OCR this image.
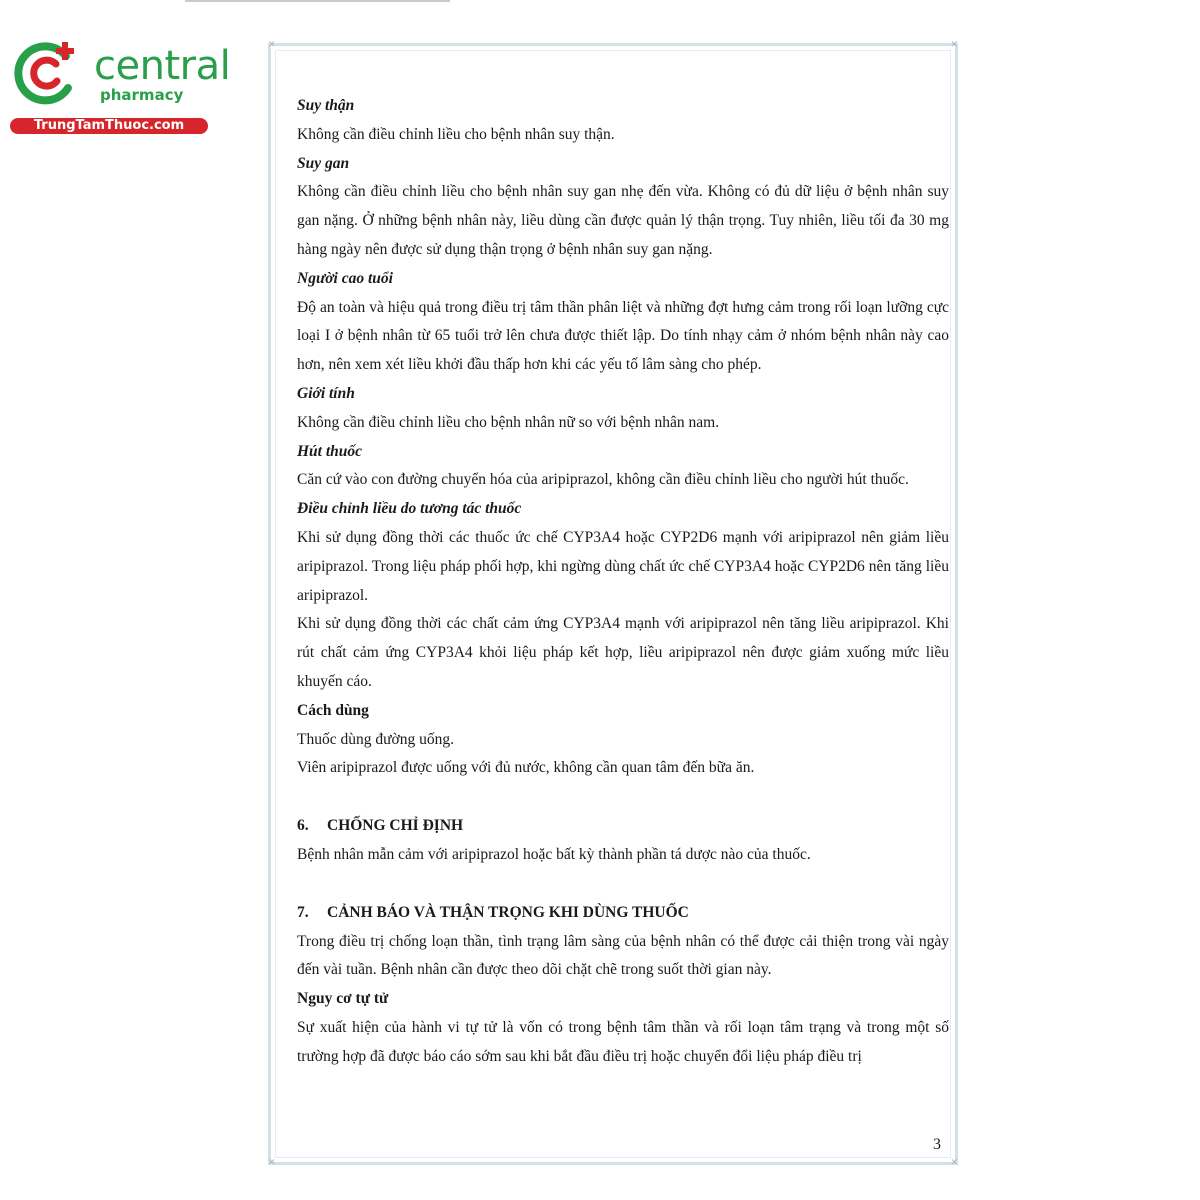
central
pharmacy
TrungTamThuoc.com
✕	✕
✕	✕

Suy thận

Không cần điều chỉnh liều cho bệnh nhân suy thận.

Suy gan

Không cần điều chỉnh liều cho bệnh nhân suy gan nhẹ đến vừa. Không có đủ dữ liệu ở bệnh nhân suy gan nặng. Ở những bệnh nhân này, liều dùng cần được quản lý thận trọng. Tuy nhiên, liều tối đa 30 mg hàng ngày nên được sử dụng thận trọng ở bệnh nhân suy gan nặng.

Người cao tuổi

Độ an toàn và hiệu quả trong điều trị tâm thần phân liệt và những đợt hưng cảm trong rối loạn lưỡng cực loại I ở bệnh nhân từ 65 tuổi trở lên chưa được thiết lập. Do tính nhạy cảm ở nhóm bệnh nhân này cao hơn, nên xem xét liều khởi đầu thấp hơn khi các yếu tố lâm sàng cho phép.

Giới tính

Không cần điều chỉnh liều cho bệnh nhân nữ so với bệnh nhân nam.

Hút thuốc

Căn cứ vào con đường chuyển hóa của aripiprazol, không cần điều chỉnh liều cho người hút thuốc.

Điều chỉnh liều do tương tác thuốc

Khi sử dụng đồng thời các thuốc ức chế CYP3A4 hoặc CYP2D6 mạnh với aripiprazol nên giảm liều aripiprazol. Trong liệu pháp phối hợp, khi ngừng dùng chất ức chế CYP3A4 hoặc CYP2D6 nên tăng liều aripiprazol.

Khi sử dụng đồng thời các chất cảm ứng CYP3A4 mạnh với aripiprazol nên tăng liều aripiprazol. Khi rút chất cảm ứng CYP3A4 khỏi liệu pháp kết hợp, liều aripiprazol nên được giảm xuống mức liều khuyến cáo.

Cách dùng

Thuốc dùng đường uống.

Viên aripiprazol được uống với đủ nước, không cần quan tâm đến bữa ăn.

6. CHỐNG CHỈ ĐỊNH

Bệnh nhân mẫn cảm với aripiprazol hoặc bất kỳ thành phần tá dược nào của thuốc.

7. CẢNH BÁO VÀ THẬN TRỌNG KHI DÙNG THUỐC

Trong điều trị chống loạn thần, tình trạng lâm sàng của bệnh nhân có thể được cải thiện trong vài ngày đến vài tuần. Bệnh nhân cần được theo dõi chặt chẽ trong suốt thời gian này.

Nguy cơ tự tử

Sự xuất hiện của hành vi tự tử là vốn có trong bệnh tâm thần và rối loạn tâm trạng và trong một số trường hợp đã được báo cáo sớm sau khi bắt đầu điều trị hoặc chuyển đổi liệu pháp điều trị

3
